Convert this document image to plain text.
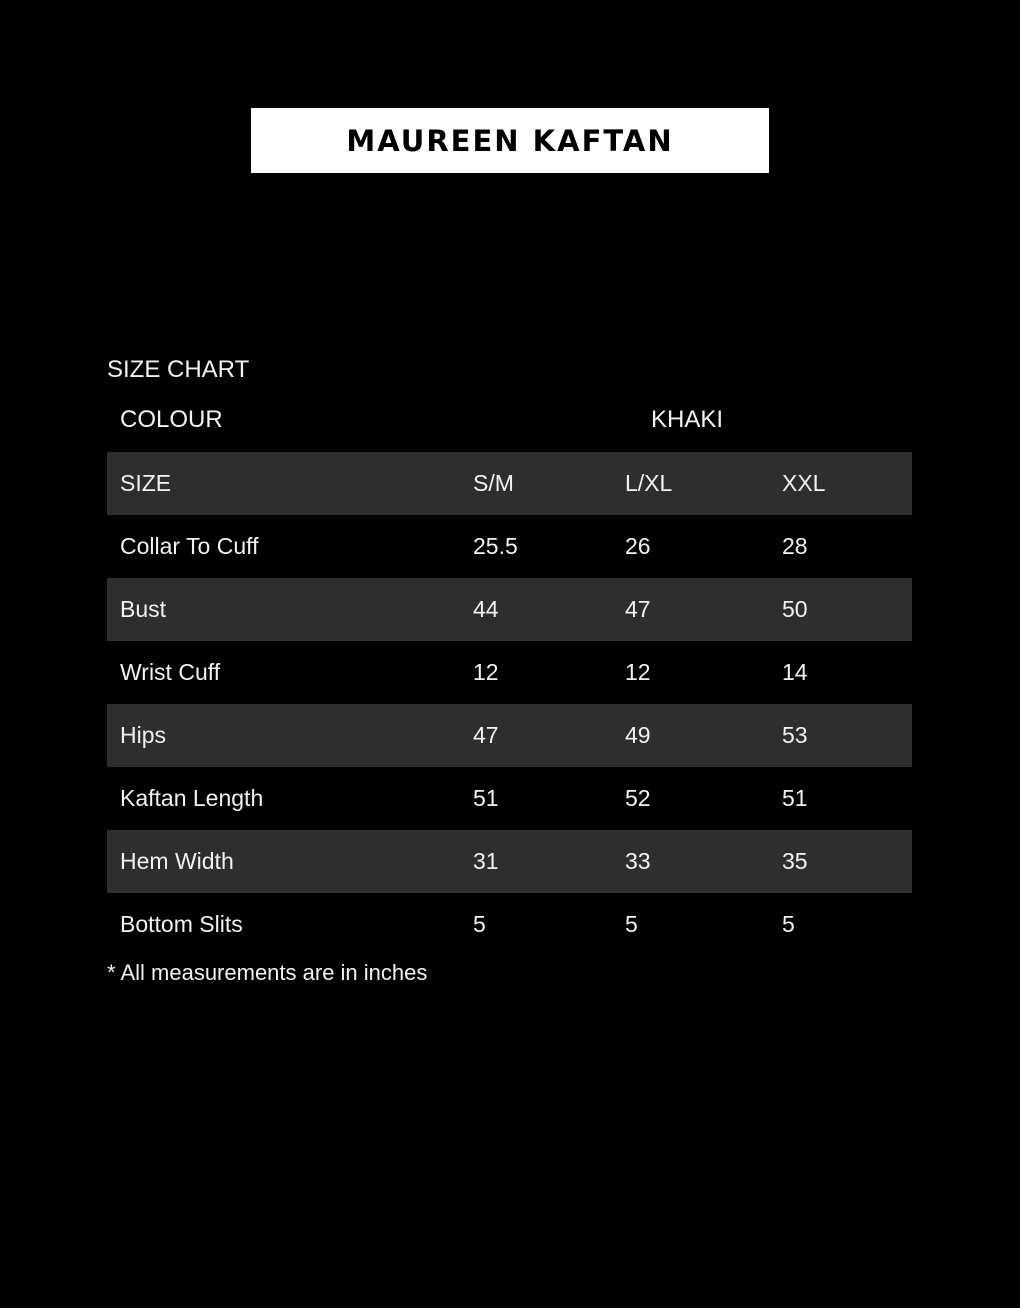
MAUREEN KAFTAN
SIZE CHART
COLOUR	KHAKI
SIZE	S/M	L/XL	XXL
Collar To Cuff	25.5	26	28
Bust	44	47	50
Wrist Cuff	12	12	14
Hips	47	49	53
Kaftan Length	51	52	51
Hem Width	31	33	35
Bottom Slits	5	5	5
* All measurements are in inches
